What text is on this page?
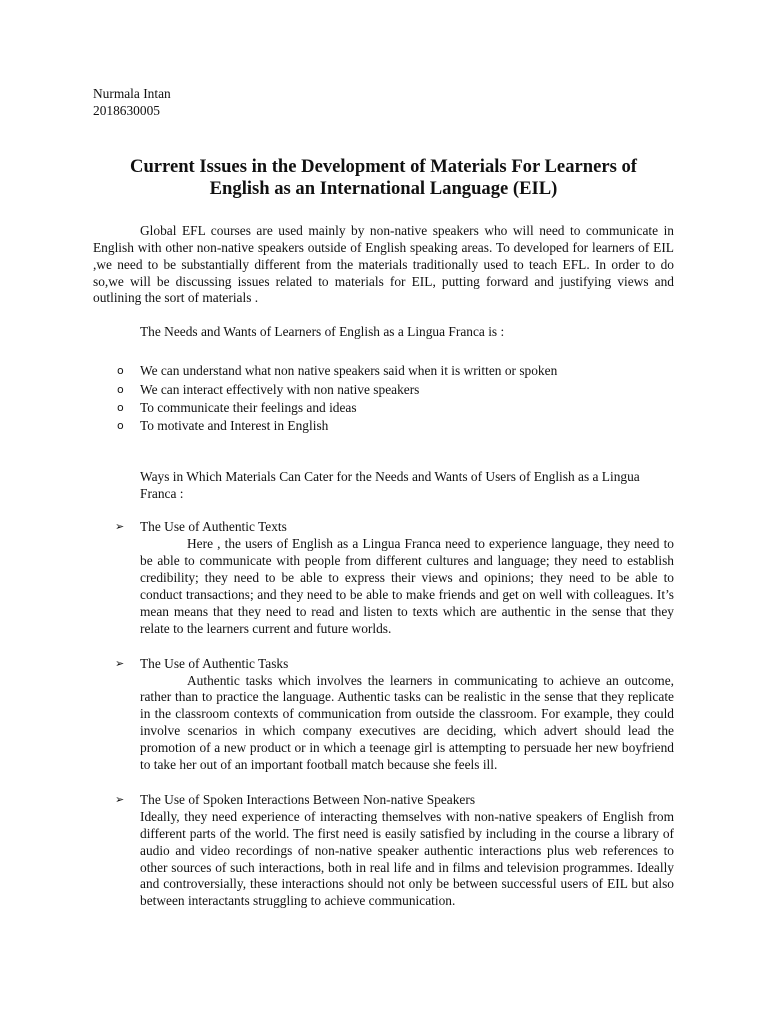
Nurmala Intan

2018630005

Current Issues in the Development of Materials For Learners of
English as an International Language (EIL)

Global EFL courses are used mainly by non-native speakers who will need to communicate in English with other non-native speakers outside of English speaking areas. To developed for learners of EIL ,we need to be substantially different from the materials traditionally used to teach EFL. In order to do so,we will be discussing issues related to materials for EIL, putting forward and justifying views and outlining the sort of materials .

The Needs and Wants of Learners of English as a Lingua Franca is :

o We can understand what non native speakers said when it is written or spoken
o We can interact effectively with non native speakers
o To communicate their feelings and ideas
o To motivate and Interest in English

Ways in Which Materials Can Cater for the Needs and Wants of Users of English as a Lingua Franca :

➢ The Use of Authentic Texts

Here , the users of English as a Lingua Franca need to experience language, they need to be able to communicate with people from different cultures and language; they need to establish credibility; they need to be able to express their views and opinions; they need to be able to conduct transactions; and they need to be able to make friends and get on well with colleagues. It’s mean means that they need to read and listen to texts which are authentic in the sense that they relate to the learners current and future worlds.

➢ The Use of Authentic Tasks

Authentic tasks which involves the learners in communicating to achieve an outcome, rather than to practice the language. Authentic tasks can be realistic in the sense that they replicate in the classroom contexts of communication from outside the classroom. For example, they could involve scenarios in which company executives are deciding, which advert should lead the promotion of a new product or in which a teenage girl is attempting to persuade her new boyfriend to take her out of an important football match because she feels ill.

➢ The Use of Spoken Interactions Between Non-native Speakers

Ideally, they need experience of interacting themselves with non-native speakers of English from different parts of the world. The first need is easily satisfied by including in the course a library of audio and video recordings of non-native speaker authentic interactions plus web references to other sources of such interactions, both in real life and in films and television programmes. Ideally and controversially, these interactions should not only be between successful users of EIL but also between interactants struggling to achieve communication.
